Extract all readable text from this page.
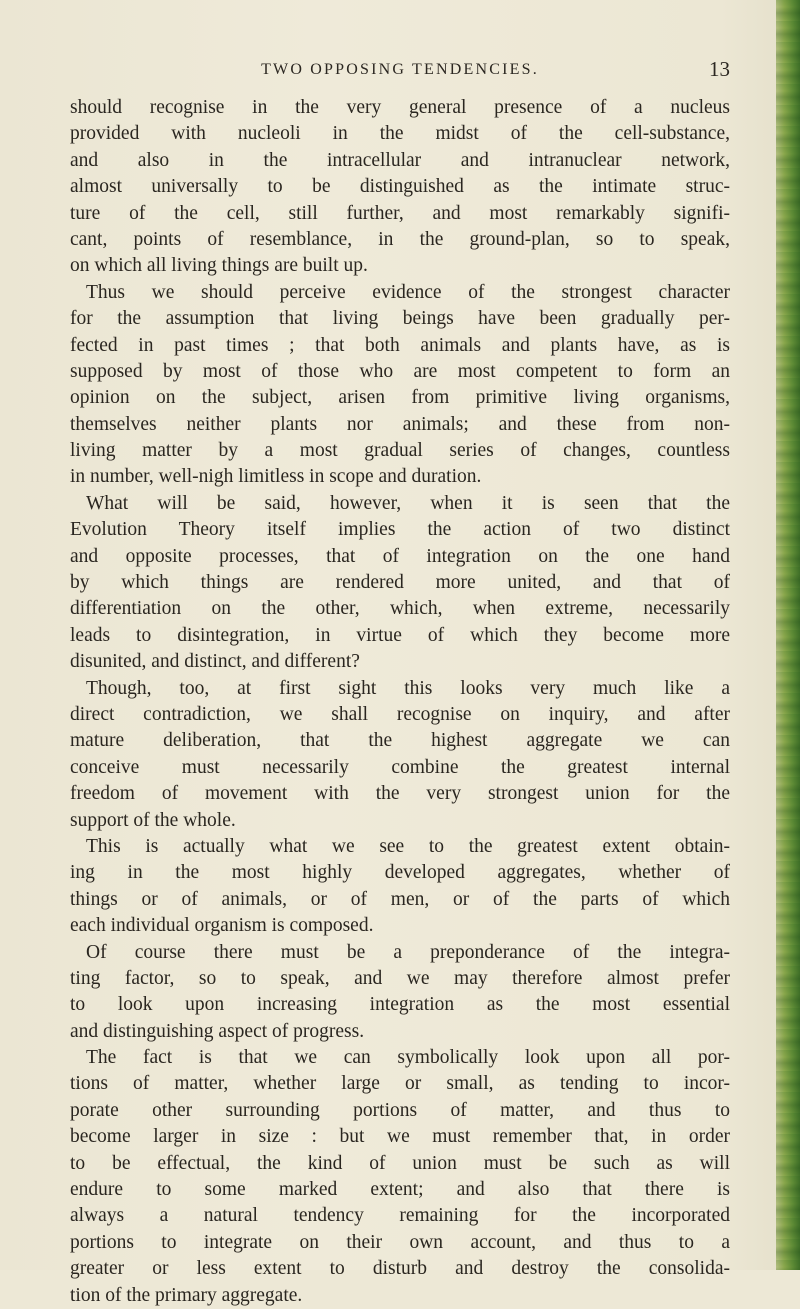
TWO OPPOSING TENDENCIES.	13
should recognise in the very general presence of a nucleus
provided with nucleoli in the midst of the cell-substance,
and also in the intracellular and intranuclear network,
almost universally to be distinguished as the intimate struc-
ture of the cell, still further, and most remarkably signifi-
cant, points of resemblance, in the ground-plan, so to speak,
on which all living things are built up.
Thus we should perceive evidence of the strongest character
for the assumption that living beings have been gradually per-
fected in past times ; that both animals and plants have, as is
supposed by most of those who are most competent to form an
opinion on the subject, arisen from primitive living organisms,
themselves neither plants nor animals; and these from non-
living matter by a most gradual series of changes, countless
in number, well-nigh limitless in scope and duration.
What will be said, however, when it is seen that the
Evolution Theory itself implies the action of two distinct
and opposite processes, that of integration on the one hand
by which things are rendered more united, and that of
differentiation on the other, which, when extreme, necessarily
leads to disintegration, in virtue of which they become more
disunited, and distinct, and different?
Though, too, at first sight this looks very much like a
direct contradiction, we shall recognise on inquiry, and after
mature deliberation, that the highest aggregate we can
conceive must necessarily combine the greatest internal
freedom of movement with the very strongest union for the
support of the whole.
This is actually what we see to the greatest extent obtain-
ing in the most highly developed aggregates, whether of
things or of animals, or of men, or of the parts of which
each individual organism is composed.
Of course there must be a preponderance of the integra-
ting factor, so to speak, and we may therefore almost prefer
to look upon increasing integration as the most essential
and distinguishing aspect of progress.
The fact is that we can symbolically look upon all por-
tions of matter, whether large or small, as tending to incor-
porate other surrounding portions of matter, and thus to
become larger in size : but we must remember that, in order
to be effectual, the kind of union must be such as will
endure to some marked extent; and also that there is
always a natural tendency remaining for the incorporated
portions to integrate on their own account, and thus to a
greater or less extent to disturb and destroy the consolida-
tion of the primary aggregate.
